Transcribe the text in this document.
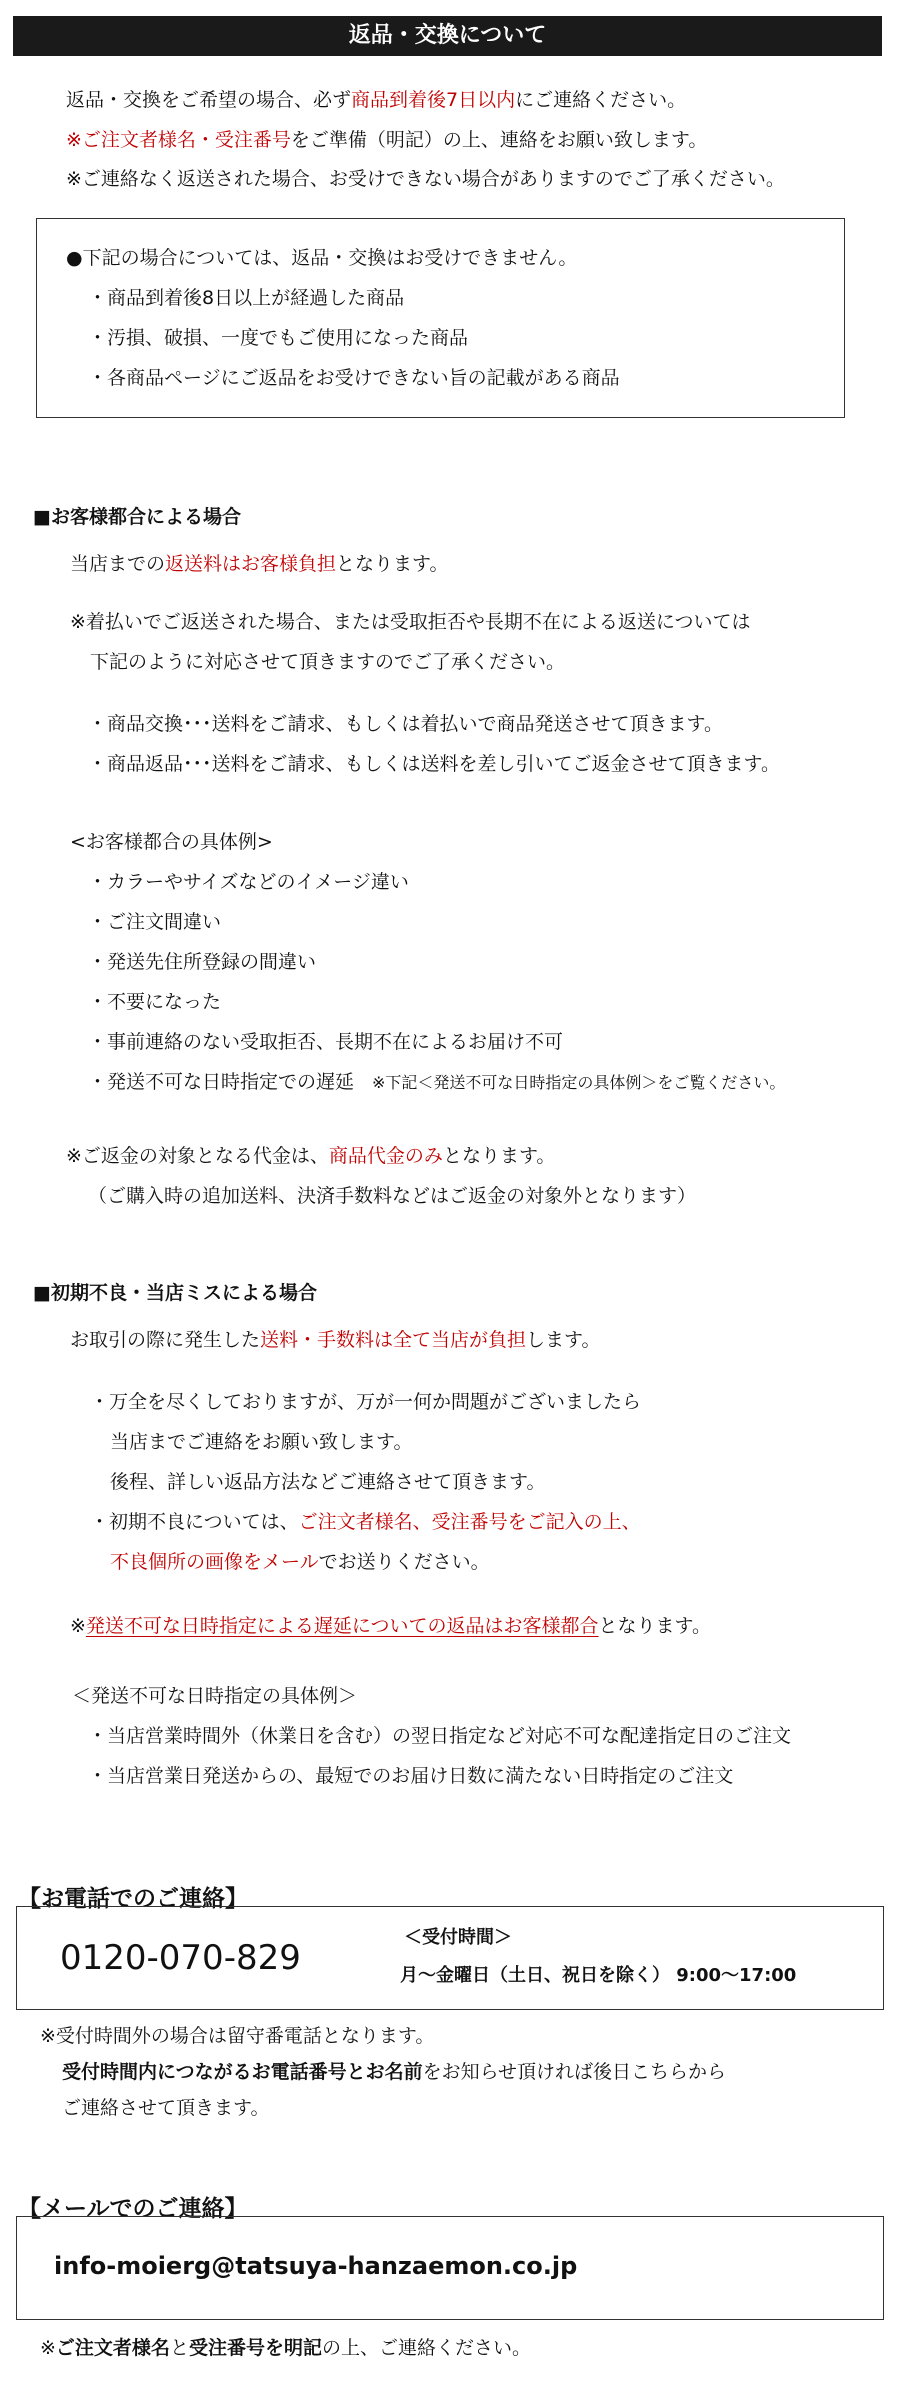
返品・交換について
返品・交換をご希望の場合、必ず商品到着後7日以内にご連絡ください。
※ご注文者様名・受注番号をご準備（明記）の上、連絡をお願い致します。
※ご連絡なく返送された場合、お受けできない場合がありますのでご了承ください。
●下記の場合については、返品・交換はお受けできません。
・商品到着後8日以上が経過した商品
・汚損、破損、一度でもご使用になった商品
・各商品ページにご返品をお受けできない旨の記載がある商品
■お客様都合による場合
当店までの返送料はお客様負担となります。
※着払いでご返送された場合、または受取拒否や長期不在による返送については
下記のように対応させて頂きますのでご了承ください。
・商品交換･･･送料をご請求、もしくは着払いで商品発送させて頂きます。
・商品返品･･･送料をご請求、もしくは送料を差し引いてご返金させて頂きます。
<お客様都合の具体例>
・カラーやサイズなどのイメージ違い
・ご注文間違い
・発送先住所登録の間違い
・不要になった
・事前連絡のない受取拒否、長期不在によるお届け不可
・発送不可な日時指定での遅延 ※下記＜発送不可な日時指定の具体例＞をご覧ください。
※ご返金の対象となる代金は、商品代金のみとなります。
（ご購入時の追加送料、決済手数料などはご返金の対象外となります）
■初期不良・当店ミスによる場合
お取引の際に発生した送料・手数料は全て当店が負担します。
・万全を尽くしておりますが、万が一何か問題がございましたら
当店までご連絡をお願い致します。
後程、詳しい返品方法などご連絡させて頂きます。
・初期不良については、ご注文者様名、受注番号をご記入の上、
不良個所の画像をメールでお送りください。
※発送不可な日時指定による遅延についての返品はお客様都合となります。
＜発送不可な日時指定の具体例＞
・当店営業時間外（休業日を含む）の翌日指定など対応不可な配達指定日のご注文
・当店営業日発送からの、最短でのお届け日数に満たない日時指定のご注文
【お電話でのご連絡】
0120-070-829
＜受付時間＞
月～金曜日（土日、祝日を除く） 9:00～17:00
※受付時間外の場合は留守番電話となります。
受付時間内につながるお電話番号とお名前をお知らせ頂ければ後日こちらから
ご連絡させて頂きます。
【メールでのご連絡】
info-moierg@tatsuya-hanzaemon.co.jp
※ご注文者様名と受注番号を明記の上、ご連絡ください。
